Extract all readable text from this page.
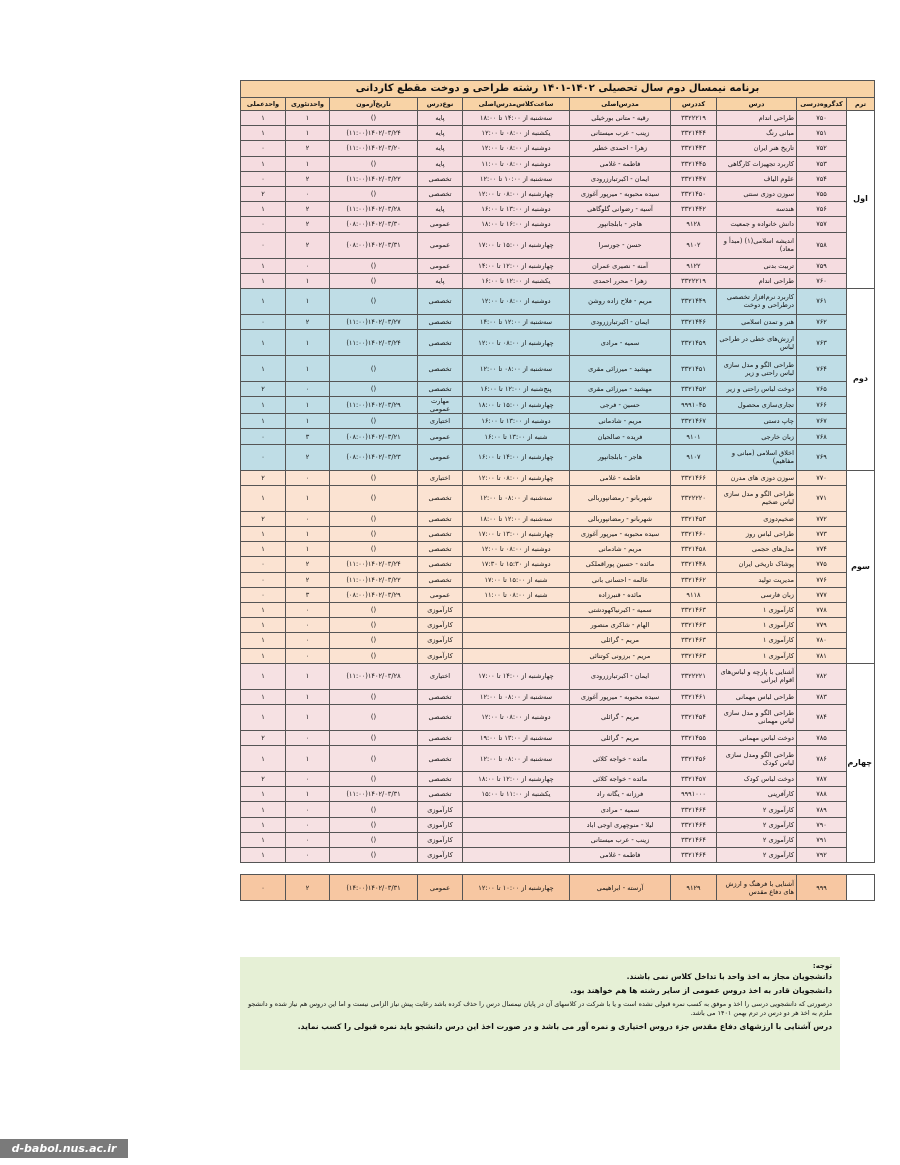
برنامه نیمسال دوم سال تحصیلی ۱۴۰۲-۱۴۰۱ رشته طراحی و دوخت مقطع کاردانی									
ترم	کدگروه‌درسی	درس	کددرس	مدرس‌اصلی	ساعت‌کلاس‌مدرس‌اصلی	نوع‌درس	تاریخ‌آزمون	واحدتئوری	واحدعملی
اول	۷۵۰	طراحی اندام	۳۳۲۲۲۱۹	رقیه - متانی بورخیلی	سه‌شنبه از ۱۴:۰۰ تا ۱۸:۰۰	پایه	()	۱	۱
	۷۵۱	مبانی رنگ	۳۳۲۱۴۴۴	زینب - عرب میستانی	یکشنبه از ۰۸:۰۰ تا ۱۲:۰۰	پایه	۱۴۰۲/۰۳/۲۴(۱۱:۰۰)	۱	۱
	۷۵۲	تاریخ هنر ایران	۳۳۲۱۴۴۳	زهرا - احمدی خطیر	دوشنبه از ۰۸:۰۰ تا ۱۲:۰۰	پایه	۱۴۰۲/۰۳/۲۰(۱۱:۰۰)	۲	۰
	۷۵۳	کاربرد تجهیزات کارگاهی	۳۳۲۱۴۴۵	فاطمه - غلامی	دوشنبه از ۰۸:۰۰ تا ۱۱:۰۰	پایه	()	۱	۱
	۷۵۴	علوم الیاف	۳۳۲۱۴۴۷	ایمان - اکبرتبارزرودی	سه‌شنبه از ۱۰:۰۰ تا ۱۲:۰۰	تخصصی	۱۴۰۲/۰۳/۲۲(۱۱:۰۰)	۲	۰
	۷۵۵	سوزن دوزی سنتی	۳۳۲۱۴۵۰	سیده محبوبه - میرپور آغوزی	چهارشنبه از ۰۸:۰۰ تا ۱۲:۰۰	تخصصی	()	۰	۲
	۷۵۶	هندسه	۳۳۲۱۴۴۲	آسیه - رضوانی گلوگاهی	دوشنبه از ۱۳:۰۰ تا ۱۶:۰۰	پایه	۱۴۰۲/۰۳/۲۸(۱۱:۰۰)	۲	۱
	۷۵۷	دانش خانواده و جمعیت	۹۱۲۸	هاجر - بابلجانپور	دوشنبه از ۱۶:۰۰ تا ۱۸:۰۰	عمومی	۱۴۰۲/۰۳/۳۰(۰۸:۰۰)	۲	۰
	۷۵۸	اندیشه اسلامی(۱) (مبدأ و معاد)	۹۱۰۲	حسن - جورسرا	چهارشنبه از ۱۵:۰۰ تا ۱۷:۰۰	عمومی	۱۴۰۲/۰۳/۳۱(۰۸:۰۰)	۲	۰
	۷۵۹	تربیت بدنی	۹۱۲۲	آمنه - نصیری عمران	چهارشنبه از ۱۲:۰۰ تا ۱۴:۰۰	عمومی	()	۰	۱
	۷۶۰	طراحی اندام	۳۳۲۲۲۱۹	زهرا - محرر احمدی	یکشنبه از ۱۲:۰۰ تا ۱۶:۰۰	پایه	()	۱	۱
دوم	۷۶۱	کاربرد نرم‌افزار تخصصی درطراحی و دوخت	۳۳۲۱۴۴۹	مریم - فلاح زاده روشن	دوشنبه از ۰۸:۰۰ تا ۱۲:۰۰	تخصصی	()	۱	۱
	۷۶۲	هنر و تمدن اسلامی	۳۳۲۱۴۴۶	ایمان - اکبرتبارزرودی	سه‌شنبه از ۱۲:۰۰ تا ۱۴:۰۰	تخصصی	۱۴۰۲/۰۳/۲۷(۱۱:۰۰)	۲	۰
	۷۶۳	ارزش‌های خطی در طراحی لباس	۳۳۲۱۴۵۹	سمیه - مرادی	چهارشنبه از ۰۸:۰۰ تا ۱۲:۰۰	تخصصی	۱۴۰۲/۰۳/۲۴(۱۱:۰۰)	۱	۱
	۷۶۴	طراحی الگو و مدل سازی لباس راحتی و زیر	۳۳۲۱۴۵۱	مهشید - میرزائی مقری	سه‌شنبه از ۰۸:۰۰ تا ۱۲:۰۰	تخصصی	()	۱	۱
	۷۶۵	دوخت لباس راحتی و زیر	۳۳۲۱۴۵۲	مهشید - میرزائی مقری	پنج‌شنبه از ۱۲:۰۰ تا ۱۶:۰۰	تخصصی	()	۰	۲
	۷۶۶	تجاری‌سازی محصول	۹۹۹۱۰۴۵	حسین - فرجی	چهارشنبه از ۱۵:۰۰ تا ۱۸:۰۰	مهارت عمومی	۱۴۰۲/۰۳/۲۹(۱۱:۰۰)	۱	۱
	۷۶۷	چاپ دستی	۳۳۲۱۴۶۷	مریم - شادمانی	دوشنبه از ۱۳:۰۰ تا ۱۶:۰۰	اختیاری	()	۱	۱
	۷۶۸	زبان خارجی	۹۱۰۱	فریده - صالحیان	شنبه از ۱۳:۰۰ تا ۱۶:۰۰	عمومی	۱۴۰۲/۰۳/۲۱(۰۸:۰۰)	۳	۰
	۷۶۹	اخلاق اسلامی (مبانی و مفاهیم)	۹۱۰۷	هاجر - بابلجانپور	چهارشنبه از ۱۴:۰۰ تا ۱۶:۰۰	عمومی	۱۴۰۲/۰۳/۲۳(۰۸:۰۰)	۲	۰
سوم	۷۷۰	سوزن دوزی های مدرن	۳۳۲۱۴۶۶	فاطمه - غلامی	چهارشنبه از ۰۸:۰۰ تا ۱۲:۰۰	اختیاری	()	۰	۲
	۷۷۱	طراحی الگو و مدل سازی لباس ضخیم	۳۳۲۲۲۲۰	شهربانو - رمضانپوربالی	سه‌شنبه از ۰۸:۰۰ تا ۱۲:۰۰	تخصصی	()	۱	۱
	۷۷۲	ضخیم‌دوزی	۳۳۲۱۴۵۳	شهربانو - رمضانپوربالی	سه‌شنبه از ۱۲:۰۰ تا ۱۸:۰۰	تخصصی	()	۰	۲
	۷۷۳	طراحی لباس روز	۳۳۲۱۴۶۰	سیده محبوبه - میرپور آغوزی	چهارشنبه از ۱۳:۰۰ تا ۱۷:۰۰	تخصصی	()	۱	۱
	۷۷۴	مدل‌های حجمی	۳۳۲۱۴۵۸	مریم - شادمانی	دوشنبه از ۰۸:۰۰ تا ۱۲:۰۰	تخصصی	()	۱	۱
	۷۷۵	پوشاک تاریخی ایران	۳۳۲۱۴۴۸	مائده - حسین پوراقملکی	دوشنبه از ۱۵:۳۰ تا ۱۷:۳۰	تخصصی	۱۴۰۲/۰۳/۲۴(۱۱:۰۰)	۲	۰
	۷۷۶	مدیریت تولید	۳۳۲۱۴۶۲	عالمه - احسانی بانی	شنبه از ۱۵:۰۰ تا ۱۷:۰۰	تخصصی	۱۴۰۲/۰۳/۲۲(۱۱:۰۰)	۲	۰
	۷۷۷	زبان فارسی	۹۱۱۸	مائده - قنبرزاده	شنبه از ۰۸:۰۰ تا ۱۱:۰۰	عمومی	۱۴۰۲/۰۳/۲۹(۰۸:۰۰)	۳	۰
	۷۷۸	کارآموزی ۱	۳۳۲۱۴۶۳	سمیه - اکبرنیاکهودشتی		کارآموزی	()	۰	۱
	۷۷۹	کارآموزی ۱	۳۳۲۱۴۶۳	الهام - شاکری منصور		کارآموزی	()	۰	۱
	۷۸۰	کارآموزی ۱	۳۳۲۱۴۶۳	مریم - گرائلی		کارآموزی	()	۰	۱
	۷۸۱	کارآموزی ۱	۳۳۲۱۴۶۳	مریم - برزونی کوتنائی		کارآموزی	()	۰	۱
چهارم	۷۸۲	آشنایی با پارچه و لباس‌های اقوام ایرانی	۳۳۲۲۲۲۱	ایمان - اکبرتبارزرودی	چهارشنبه از ۱۴:۰۰ تا ۱۷:۰۰	اختیاری	۱۴۰۲/۰۳/۲۸(۱۱:۰۰)	۱	۱
	۷۸۳	طراحی لباس مهمانی	۳۳۲۱۴۶۱	سیده محبوبه - میرپور آغوزی	سه‌شنبه از ۰۸:۰۰ تا ۱۲:۰۰	تخصصی	()	۱	۱
	۷۸۴	طراحی الگو و مدل سازی لباس مهمانی	۳۳۲۱۴۵۴	مریم - گرائلی	دوشنبه از ۰۸:۰۰ تا ۱۲:۰۰	تخصصی	()	۱	۱
	۷۸۵	دوخت لباس مهمانی	۳۳۲۱۴۵۵	مریم - گرائلی	سه‌شنبه از ۱۳:۰۰ تا ۱۹:۰۰	تخصصی	()	۰	۲
	۷۸۶	طراحی الگو ومدل سازی لباس کودک	۳۳۲۱۴۵۶	مائده - خواجه کلائی	سه‌شنبه از ۰۸:۰۰ تا ۱۲:۰۰	تخصصی	()	۱	۱
	۷۸۷	دوخت لباس کودک	۳۳۲۱۴۵۷	مائده - خواجه کلائی	چهارشنبه از ۱۲:۰۰ تا ۱۸:۰۰	تخصصی	()	۰	۲
	۷۸۸	کارآفرینی	۹۹۹۱۰۰۰	فرزانه - یگانه راد	یکشنبه از ۱۱:۰۰ تا ۱۵:۰۰	تخصصی	۱۴۰۲/۰۳/۳۱(۱۱:۰۰)	۱	۱
	۷۸۹	کارآموزی ۲	۳۳۲۱۴۶۴	سمیه - مرادی		کارآموزی	()	۰	۱
	۷۹۰	کارآموزی ۲	۳۳۲۱۴۶۴	لیلا - منوچهری اوجی اباد		کارآموزی	()	۰	۱
	۷۹۱	کارآموزی ۲	۳۳۲۱۴۶۴	زینب - عرب میستانی		کارآموزی	()	۰	۱
	۷۹۲	کارآموزی ۲	۳۳۲۱۴۶۴	فاطمه - غلامی		کارآموزی	()	۰	۱

	۹۹۹	آشنایی با فرهنگ و ارزش های دفاع مقدس	۹۱۲۹	آرسته - ابراهیمی	چهارشنبه از ۱۰:۰۰ تا ۱۲:۰۰	عمومی	۱۴۰۲/۰۳/۳۱(۱۴:۰۰)	۲	۰
توجه:
دانشجویان مجاز به اخذ واحد با تداخل کلاس نمی باشند.
دانشجویان قادر به اخذ دروس عمومی از سایر رشته ها هم خواهند بود.
درصورتی که دانشجویی درسی را اخذ و موفق به کسب نمره قبولی نشده است و یا با شرکت در کلاسهای آن در پایان نیمسال درس را حذف کرده باشد رعایت پیش نیاز الزامی نیست و اما این دروس هم نیاز شده و دانشجو ملزم به اخذ هر دو درس در ترم بهمن ۱۴۰۱ می باشد.
درس آشنایی با ارزشهای دفاع مقدس جزء دروس اختیاری و نمره آور می باشد و در صورت اخذ این درس دانشجو باید نمره قبولی را کسب نماید.
d-babol.nus.ac.ir
